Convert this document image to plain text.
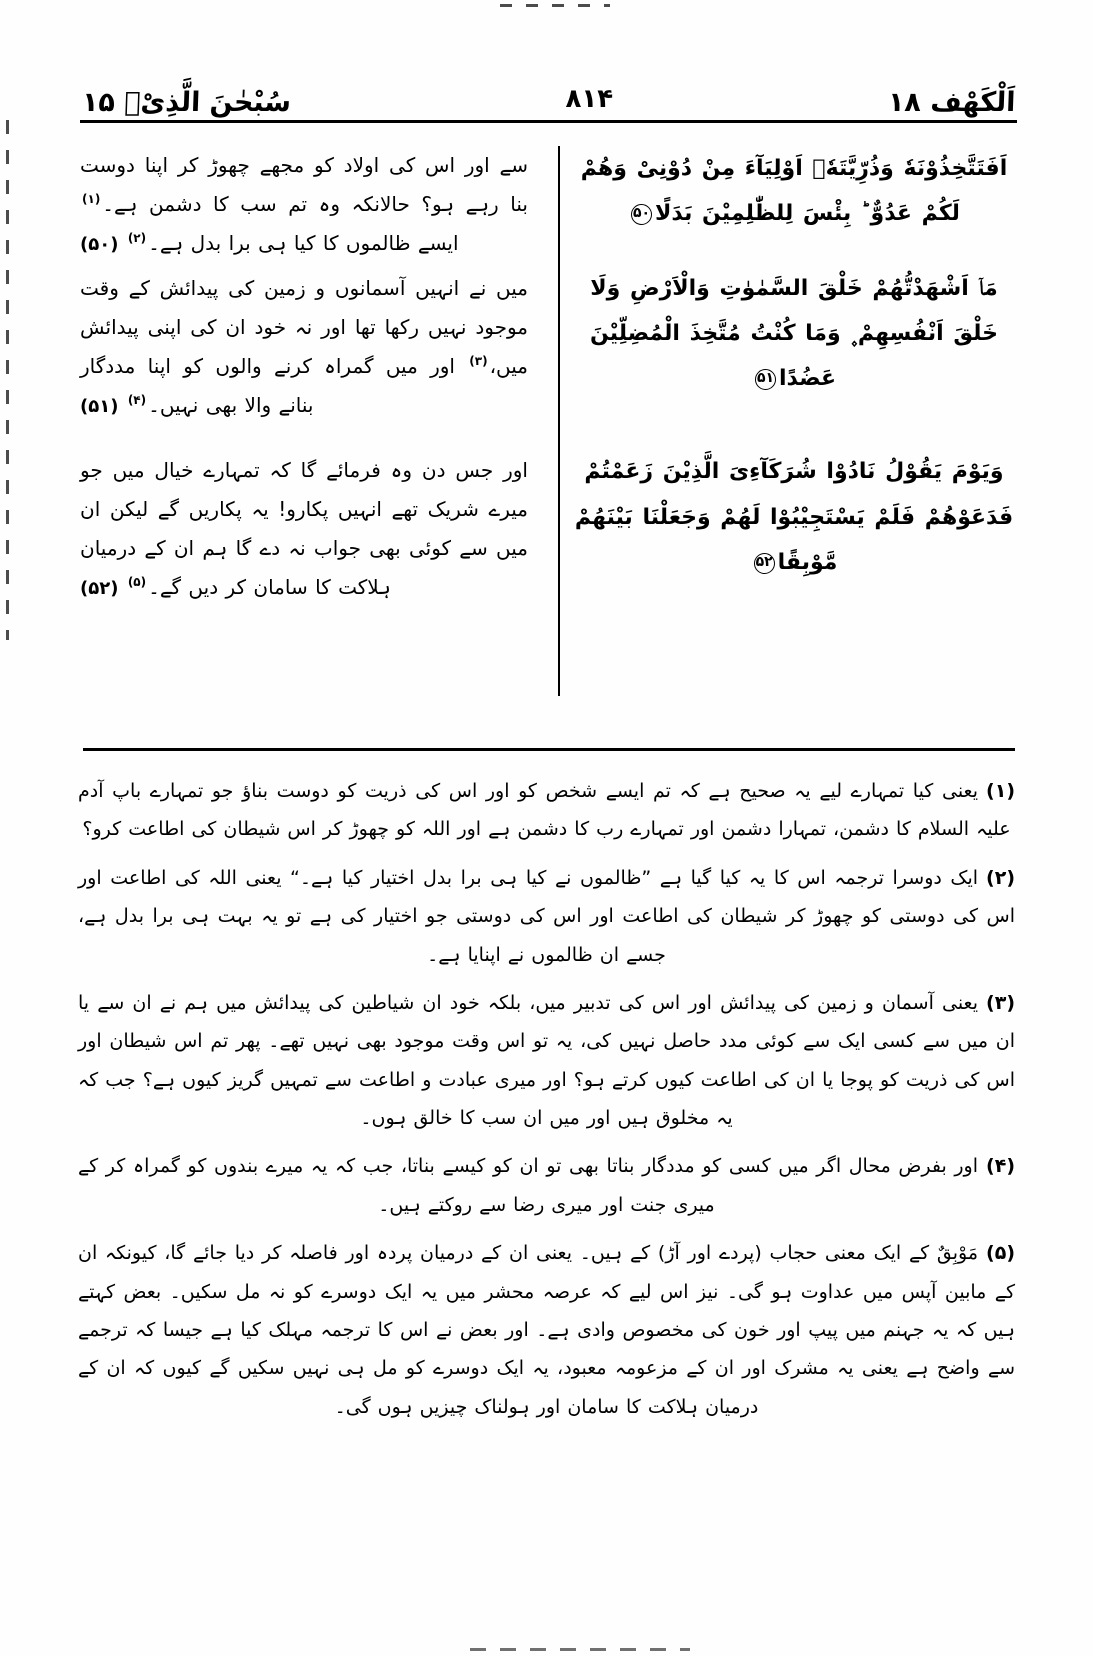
اَلْکَهْف ۱۸
۸۱۴
سُبْحٰنَ الَّذِیْۤ ۱۵
اَفَتَتَّخِذُوْنَهٗ وَذُرِّیَّتَهٗۤ اَوْلِیَآءَ مِنْ دُوْنِیْ وَهُمْ لَكُمْ عَدُوٌّ ؕ بِئْسَ لِلظّٰلِمِیْنَ بَدَلًا۵۰
مَاۤ اَشْهَدْتُّهُمْ خَلْقَ السَّمٰوٰتِ وَالْاَرْضِ وَلَا خَلْقَ اَنْفُسِهِمْ ۪ وَمَا كُنْتُ مُتَّخِذَ الْمُضِلِّیْنَ عَضُدًا۵۱
وَیَوْمَ یَقُوْلُ نَادُوْا شُرَكَآءِیَ الَّذِیْنَ زَعَمْتُمْ فَدَعَوْهُمْ فَلَمْ یَسْتَجِیْبُوْا لَهُمْ وَجَعَلْنَا بَیْنَهُمْ مَّوْبِقًا۵۲
سے اور اس کی اولاد کو مجھے چھوڑ کر اپنا دوست بنا رہے ہو؟ حالانکہ وہ تم سب کا دشمن ہے۔$^{(۱)}$ ایسے ظالموں کا کیا ہی برا بدل ہے۔$^{(۲)}$ (۵۰)
میں نے انہیں آسمانوں و زمین کی پیدائش کے وقت موجود نہیں رکھا تھا اور نہ خود ان کی اپنی پیدائش میں،$^{(۳)}$ اور میں گمراہ کرنے والوں کو اپنا مددگار بنانے والا بھی نہیں۔$^{(۴)}$ (۵۱)
اور جس دن وہ فرمائے گا کہ تمہارے خیال میں جو میرے شریک تھے انہیں پکارو! یہ پکاریں گے لیکن ان میں سے کوئی بھی جواب نہ دے گا ہم ان کے درمیان ہلاکت کا سامان کر دیں گے۔$^{(۵)}$ (۵۲)
(۱)یعنی کیا تمہارے لیے یہ صحیح ہے کہ تم ایسے شخص کو اور اس کی ذریت کو دوست بناؤ جو تمہارے باپ آدم علیہ السلام کا دشمن، تمہارا دشمن اور تمہارے رب کا دشمن ہے اور اللہ کو چھوڑ کر اس شیطان کی اطاعت کرو؟
(۲)ایک دوسرا ترجمہ اس کا یہ کیا گیا ہے ”ظالموں نے کیا ہی برا بدل اختیار کیا ہے۔“ یعنی اللہ کی اطاعت اور اس کی دوستی کو چھوڑ کر شیطان کی اطاعت اور اس کی دوستی جو اختیار کی ہے تو یہ بہت ہی برا بدل ہے، جسے ان ظالموں نے اپنایا ہے۔
(۳)یعنی آسمان و زمین کی پیدائش اور اس کی تدبیر میں، بلکہ خود ان شیاطین کی پیدائش میں ہم نے ان سے یا ان میں سے کسی ایک سے کوئی مدد حاصل نہیں کی، یہ تو اس وقت موجود بھی نہیں تھے۔ پھر تم اس شیطان اور اس کی ذریت کو پوجا یا ان کی اطاعت کیوں کرتے ہو؟ اور میری عبادت و اطاعت سے تمہیں گریز کیوں ہے؟ جب کہ یہ مخلوق ہیں اور میں ان سب کا خالق ہوں۔
(۴)اور بفرض محال اگر میں کسی کو مددگار بناتا بھی تو ان کو کیسے بناتا، جب کہ یہ میرے بندوں کو گمراہ کر کے میری جنت اور میری رضا سے روکتے ہیں۔
(۵)مَوْبِقٌ کے ایک معنی حجاب (پردے اور آڑ) کے ہیں۔ یعنی ان کے درمیان پردہ اور فاصلہ کر دیا جائے گا، کیونکہ ان کے مابین آپس میں عداوت ہو گی۔ نیز اس لیے کہ عرصہ محشر میں یہ ایک دوسرے کو نہ مل سکیں۔ بعض کہتے ہیں کہ یہ جہنم میں پیپ اور خون کی مخصوص وادی ہے۔ اور بعض نے اس کا ترجمہ مہلک کیا ہے جیسا کہ ترجمے سے واضح ہے یعنی یہ مشرک اور ان کے مزعومہ معبود، یہ ایک دوسرے کو مل ہی نہیں سکیں گے کیوں کہ ان کے درمیان ہلاکت کا سامان اور ہولناک چیزیں ہوں گی۔
